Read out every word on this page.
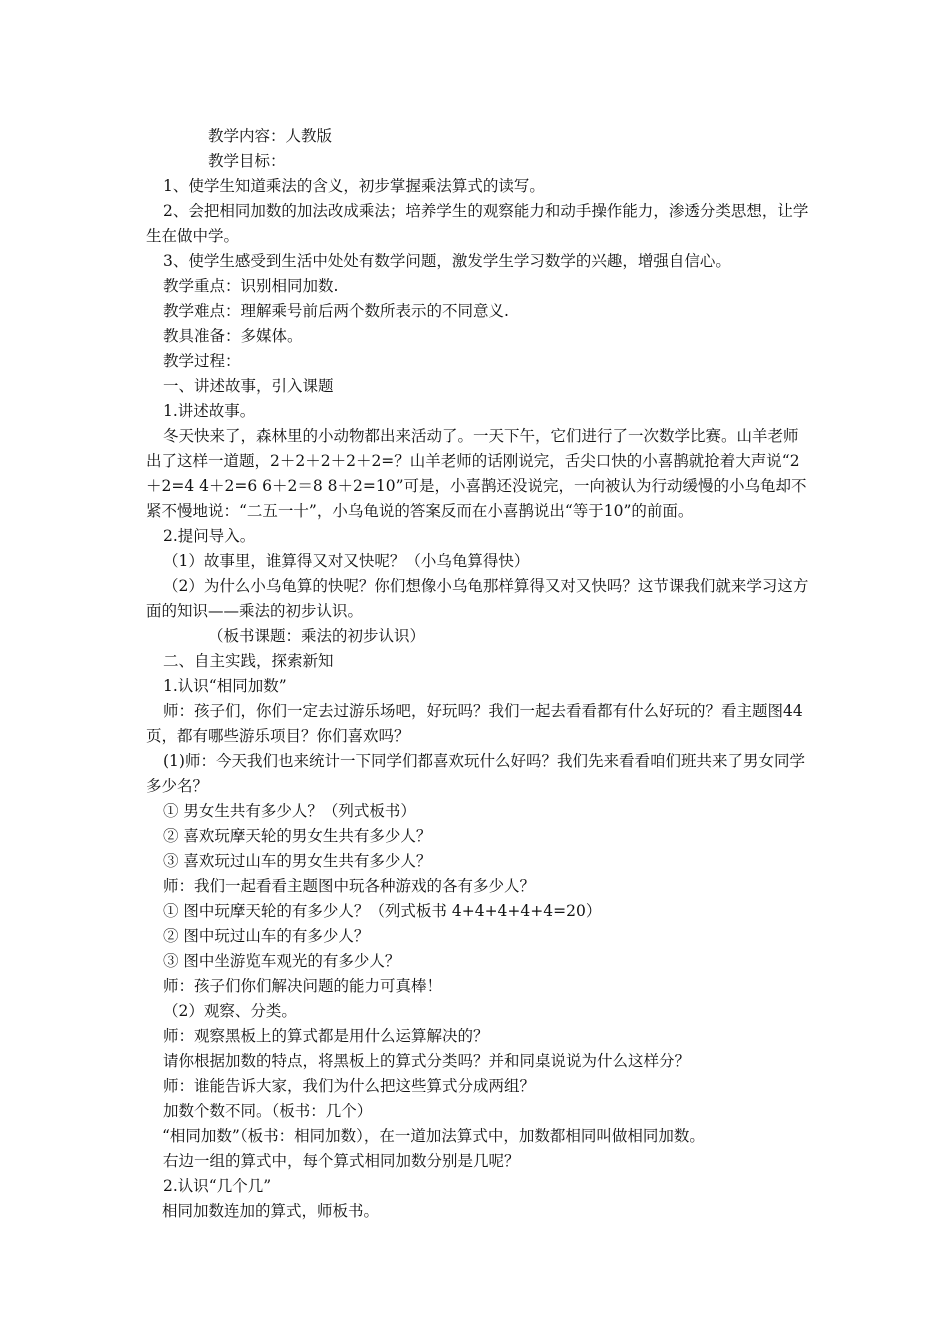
教学内容：人教版

教学目标：

1、使学生知道乘法的含义，初步掌握乘法算式的读写。

2、会把相同加数的加法改成乘法；培养学生的观察能力和动手操作能力，渗透分类思想，让学生在做中学。

3、使学生感受到生活中处处有数学问题，激发学生学习数学的兴趣，增强自信心。

教学重点：识别相同加数.

教学难点：理解乘号前后两个数所表示的不同意义.

教具准备：多媒体。

教学过程：

一、讲述故事，引入课题

1.讲述故事。

冬天快来了，森林里的小动物都出来活动了。一天下午，它们进行了一次数学比赛。山羊老师出了这样一道题，2＋2＋2＋2＋2=？山羊老师的话刚说完，舌尖口快的小喜鹊就抢着大声说“2＋2=4 4＋2=6 6＋2＝8 8＋2=10”可是，小喜鹊还没说完，一向被认为行动缓慢的小乌龟却不紧不慢地说：“二五一十”，小乌龟说的答案反而在小喜鹊说出“等于10”的前面。

2.提问导入。

（1）故事里，谁算得又对又快呢？（小乌龟算得快）

（2）为什么小乌龟算的快呢？你们想像小乌龟那样算得又对又快吗？这节课我们就来学习这方面的知识——乘法的初步认识。

（板书课题：乘法的初步认识）

二、自主实践，探索新知

1.认识“相同加数”

师：孩子们，你们一定去过游乐场吧，好玩吗？我们一起去看看都有什么好玩的？看主题图44页，都有哪些游乐项目？你们喜欢吗？

(1)师：今天我们也来统计一下同学们都喜欢玩什么好吗？我们先来看看咱们班共来了男女同学多少名？

① 男女生共有多少人？（列式板书）

② 喜欢玩摩天轮的男女生共有多少人？

③ 喜欢玩过山车的男女生共有多少人？

师：我们一起看看主题图中玩各种游戏的各有多少人？

① 图中玩摩天轮的有多少人？（列式板书 4+4+4+4+4=20）

② 图中玩过山车的有多少人？

③ 图中坐游览车观光的有多少人？

师：孩子们你们解决问题的能力可真棒！

（2）观察、分类。

师：观察黑板上的算式都是用什么运算解决的？

请你根据加数的特点，将黑板上的算式分类吗？并和同桌说说为什么这样分？

师：谁能告诉大家，我们为什么把这些算式分成两组？

加数个数不同。（板书：几个）

“相同加数”（板书：相同加数），在一道加法算式中，加数都相同叫做相同加数。

右边一组的算式中，每个算式相同加数分别是几呢？

2.认识“几个几”

相同加数连加的算式，师板书。
